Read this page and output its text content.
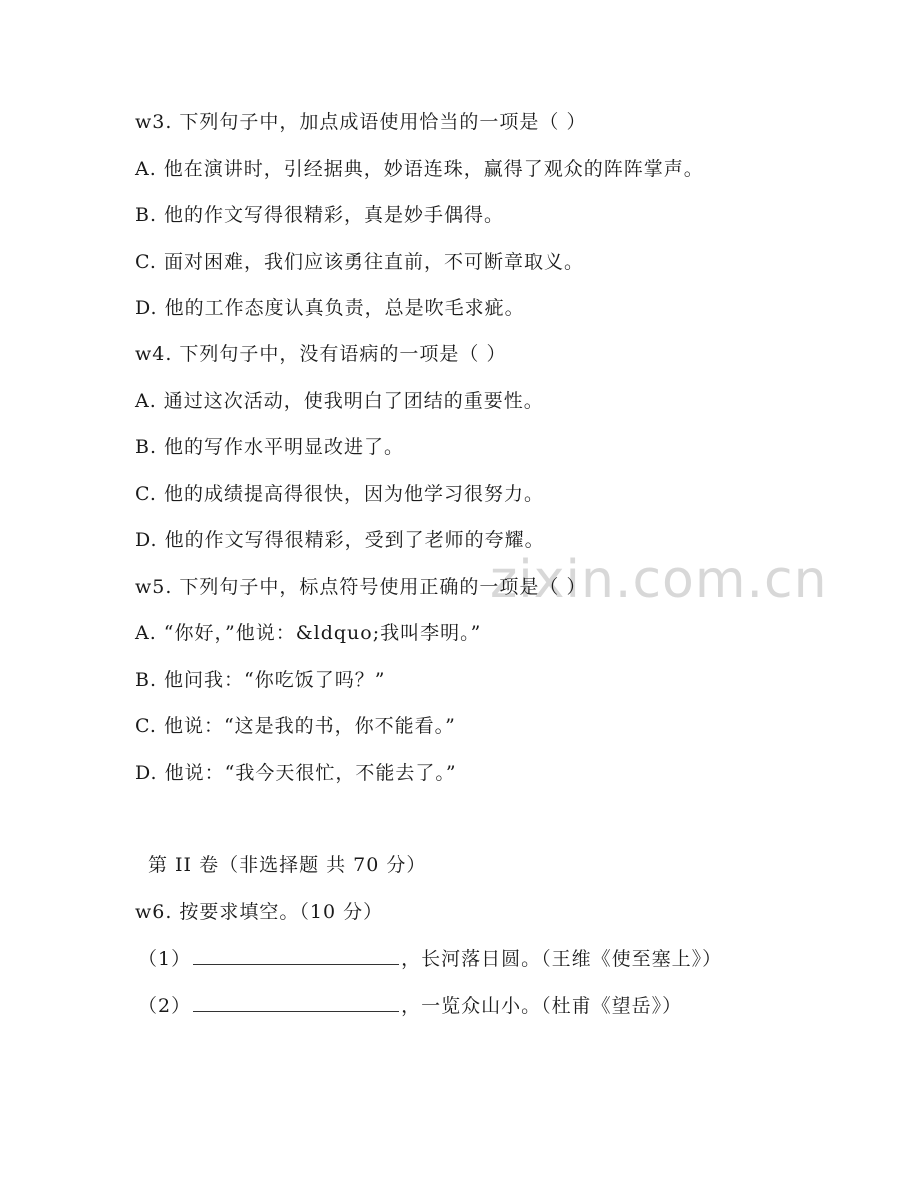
zixin.com.cn
w3. 下列句子中，加点成语使用恰当的一项是（ ）
A. 他在演讲时，引经据典，妙语连珠，赢得了观众的阵阵掌声。
B. 他的作文写得很精彩，真是妙手偶得。
C. 面对困难，我们应该勇往直前，不可断章取义。
D. 他的工作态度认真负责，总是吹毛求疵。
w4. 下列句子中，没有语病的一项是（ ）
A. 通过这次活动，使我明白了团结的重要性。
B. 他的写作水平明显改进了。
C. 他的成绩提高得很快，因为他学习很努力。
D. 他的作文写得很精彩，受到了老师的夸耀。
w5. 下列句子中，标点符号使用正确的一项是（ ）
A. “你好，”他说：&ldquo;我叫李明。”
B. 他问我：“你吃饭了吗？”
C. 他说：“这是我的书，你不能看。”
D. 他说：“我今天很忙，不能去了。”
第 II 卷（非选择题 共 70 分）
w6. 按要求填空。（10 分）
（1）	，长河落日圆。（王维《使至塞上》）
（2）	，一览众山小。（杜甫《望岳》）
